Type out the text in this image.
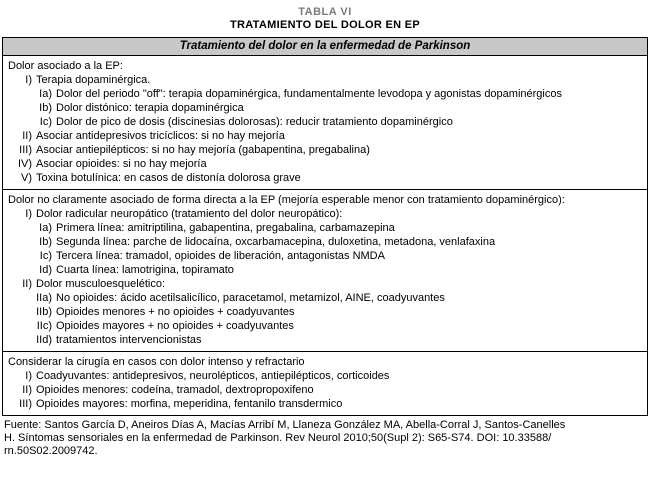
TABLA VI
TRATAMIENTO DEL DOLOR EN EP
Tratamiento del dolor en la enfermedad de Parkinson
Dolor asociado a la EP:
I) Terapia dopaminérgica.
Ia) Dolor del periodo "off": terapia dopaminérgica, fundamentalmente levodopa y agonistas dopaminérgicos
Ib) Dolor distónico: terapia dopaminérgica
Ic) Dolor de pico de dosis (discinesias dolorosas): reducir tratamiento dopaminérgico
II) Asociar antidepresivos tricíclicos: si no hay mejoría
III) Asociar antiepilépticos: si no hay mejoría (gabapentina, pregabalina)
IV) Asociar opioides: si no hay mejoría
V) Toxina botulínica: en casos de distonía dolorosa grave
Dolor no claramente asociado de forma directa a la EP (mejoría esperable menor con tratamiento dopaminérgico):
I) Dolor radicular neuropático (tratamiento del dolor neuropático):
Ia) Primera línea: amitriptilina, gabapentina, pregabalina, carbamazepina
Ib) Segunda línea: parche de lidocaína, oxcarbamacepina, duloxetina, metadona, venlafaxina
Ic) Tercera línea: tramadol, opioides de liberación, antagonistas NMDA
Id) Cuarta línea: lamotrigina, topiramato
II) Dolor musculoesquelético:
IIa) No opioides: ácido acetilsalicílico, paracetamol, metamizol, AINE, coadyuvantes
IIb) Opioides menores + no opioides + coadyuvantes
IIc) Opioides mayores + no opioides + coadyuvantes
IId) tratamientos intervencionistas
Considerar la cirugía en casos con dolor intenso y refractario
I) Coadyuvantes: antidepresivos, neurolépticos, antiepilépticos, corticoides
II) Opioides menores: codeína, tramadol, dextropropoxifeno
III) Opioides mayores: morfina, meperidina, fentanilo transdermico
Fuente: Santos García D, Aneiros Días A, Macías Arribí M, Llaneza González MA, Abella-Corral J, Santos-Canelles
H. Síntomas sensoriales en la enfermedad de Parkinson. Rev Neurol 2010;50(Supl 2): S65-S74. DOI: 10.33588/
rn.50S02.2009742.
